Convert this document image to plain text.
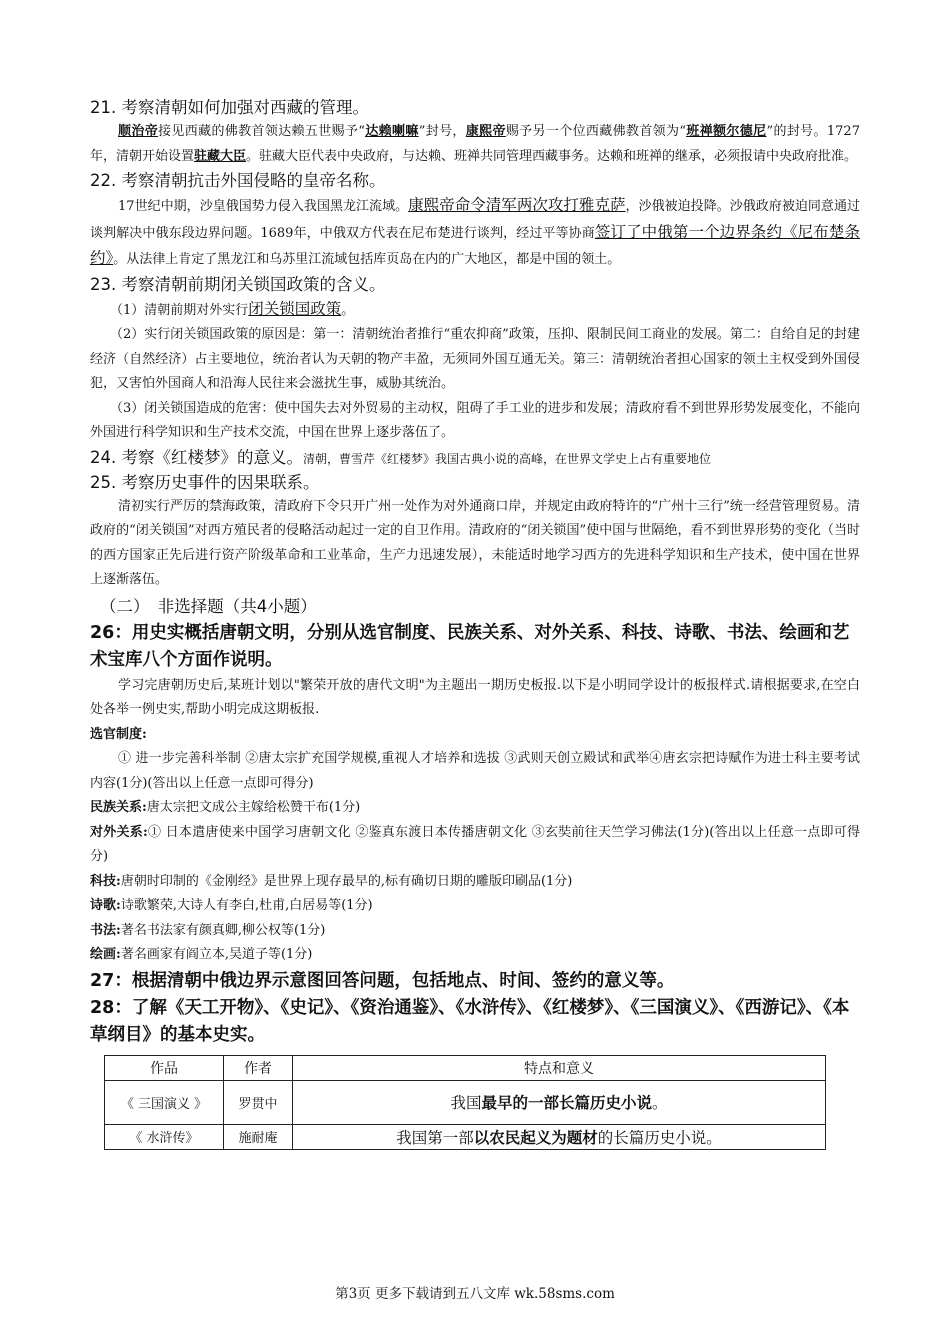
21. 考察清朝如何加强对西藏的管理。

顺治帝接见西藏的佛教首领达赖五世赐予“达赖喇嘛”封号，康熙帝赐予另一个位西藏佛教首领为“班禅额尔德尼”的封号。1727年，清朝开始设置驻藏大臣。驻藏大臣代表中央政府，与达赖、班禅共同管理西藏事务。达赖和班禅的继承，必须报请中央政府批准。

22. 考察清朝抗击外国侵略的皇帝名称。

17世纪中期，沙皇俄国势力侵入我国黑龙江流域。康熙帝命令清军两次攻打雅克萨，沙俄被迫投降。沙俄政府被迫同意通过谈判解决中俄东段边界问题。1689年，中俄双方代表在尼布楚进行谈判，经过平等协商签订了中俄第一个边界条约《尼布楚条约》。从法律上肯定了黑龙江和乌苏里江流域包括库页岛在内的广大地区，都是中国的领土。

23. 考察清朝前期闭关锁国政策的含义。

（1）清朝前期对外实行闭关锁国政策。

（2）实行闭关锁国政策的原因是：第一：清朝统治者推行“重农抑商”政策，压抑、限制民间工商业的发展。第二：自给自足的封建经济（自然经济）占主要地位，统治者认为天朝的物产丰盈，无须同外国互通无关。第三：清朝统治者担心国家的领土主权受到外国侵犯，又害怕外国商人和沿海人民往来会滋扰生事，威胁其统治。

（3）闭关锁国造成的危害：使中国失去对外贸易的主动权，阻碍了手工业的进步和发展；清政府看不到世界形势发展变化，不能向外国进行科学知识和生产技术交流，中国在世界上逐步落伍了。

24. 考察《红楼梦》的意义。清朝，曹雪芹《红楼梦》我国古典小说的高峰，在世界文学史上占有重要地位

25. 考察历史事件的因果联系。

清初实行严厉的禁海政策，清政府下令只开广州一处作为对外通商口岸，并规定由政府特许的“广州十三行”统一经营管理贸易。清政府的“闭关锁国”对西方殖民者的侵略活动起过一定的自卫作用。清政府的“闭关锁国”使中国与世隔绝，看不到世界形势的变化（当时的西方国家正先后进行资产阶级革命和工业革命，生产力迅速发展），未能适时地学习西方的先进科学知识和生产技术，使中国在世界上逐渐落伍。

（二）　非选择题（共4小题）

26：用史实概括唐朝文明，分别从选官制度、民族关系、对外关系、科技、诗歌、书法、绘画和艺术宝库八个方面作说明。

学习完唐朝历史后,某班计划以"繁荣开放的唐代文明"为主题出一期历史板报.以下是小明同学设计的板报样式.请根据要求,在空白处各举一例史实,帮助小明完成这期板报.

选官制度:

① 进一步完善科举制 ②唐太宗扩充国学规模,重视人才培养和选拔 ③武则天创立殿试和武举④唐玄宗把诗赋作为进士科主要考试内容(1分)(答出以上任意一点即可得分)

民族关系:唐太宗把文成公主嫁给松赞干布(1分)

对外关系:① 日本遣唐使来中国学习唐朝文化 ②鉴真东渡日本传播唐朝文化 ③玄奘前往天竺学习佛法(1分)(答出以上任意一点即可得分)

科技:唐朝时印制的《金刚经》是世界上现存最早的,标有确切日期的雕版印刷品(1分)

诗歌:诗歌繁荣,大诗人有李白,杜甫,白居易等(1分)

书法:著名书法家有颜真卿,柳公权等(1分)

绘画:著名画家有阎立本,吴道子等(1分)

27：根据清朝中俄边界示意图回答问题，包括地点、时间、签约的意义等。

28：了解《天工开物》、《史记》、《资治通鉴》、《水浒传》、《红楼梦》、《三国演义》、《西游记》、《本草纲目》的基本史实。

作品	作者	特点和意义
《 三国演义 》	罗贯中	我国最早的一部长篇历史小说。
《 水浒传》	施耐庵	我国第一部以农民起义为题材的长篇历史小说。
第3页 更多下载请到五八文库 wk.58sms.com
